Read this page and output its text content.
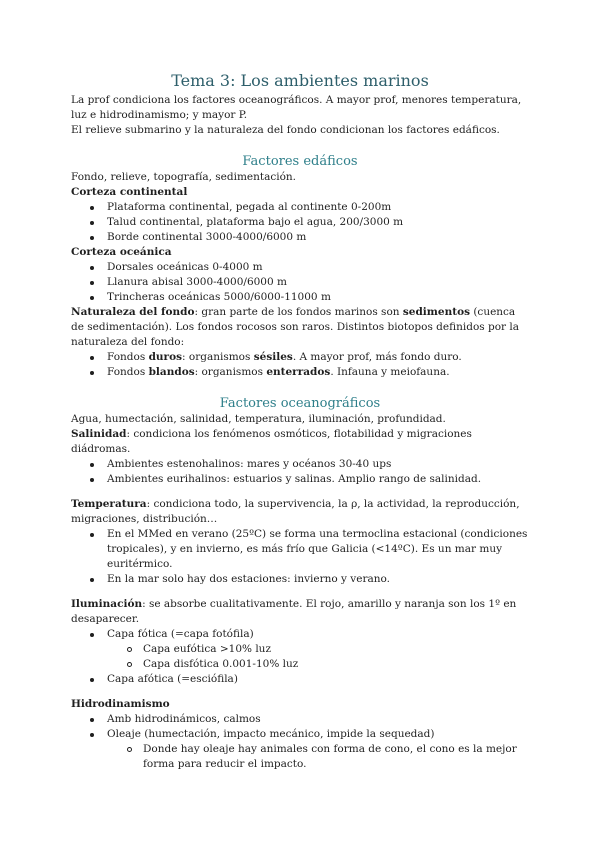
Tema 3: Los ambientes marinos

La prof condiciona los factores oceanográficos. A mayor prof, menores temperatura, luz e hidrodinamismo; y mayor P.

El relieve submarino y la naturaleza del fondo condicionan los factores edáficos.

Factores edáficos

Fondo, relieve, topografía, sedimentación.

Corteza continental

Plataforma continental, pegada al continente 0-200m
Talud continental, plataforma bajo el agua, 200/3000 m
Borde continental 3000-4000/6000 m

Corteza oceánica

Dorsales oceánicas 0-4000 m
Llanura abisal 3000-4000/6000 m
Trincheras oceánicas 5000/6000-11000 m

Naturaleza del fondo: gran parte de los fondos marinos son sedimentos (cuenca de sedimentación). Los fondos rocosos son raros. Distintos biotopos definidos por la naturaleza del fondo:

Fondos duros: organismos sésiles. A mayor prof, más fondo duro.
Fondos blandos: organismos enterrados. Infauna y meiofauna.
Factores oceanográficos

Agua, humectación, salinidad, temperatura, iluminación, profundidad.

Salinidad: condiciona los fenómenos osmóticos, flotabilidad y migraciones diádromas.

Ambientes estenohalinos: mares y océanos 30-40 ups
Ambientes eurihalinos: estuarios y salinas. Amplio rango de salinidad.

Temperatura: condiciona todo, la supervivencia, la ρ, la actividad, la reproducción, migraciones, distribución…

En el MMed en verano (25ºC) se forma una termoclina estacional (condiciones tropicales), y en invierno, es más frío que Galicia (<14ºC). Es un mar muy euritérmico.
En la mar solo hay dos estaciones: invierno y verano.

Iluminación: se absorbe cualitativamente. El rojo, amarillo y naranja son los 1º en desaparecer.

Capa fótica (=capa fotófila)
Capa eufótica >10% luz
Capa disfótica 0.001-10% luz
Capa afótica (=esciófila)

Hidrodinamismo

Amb hidrodinámicos, calmos
Oleaje (humectación, impacto mecánico, impide la sequedad)
Donde hay oleaje hay animales con forma de cono, el cono es la mejor forma para reducir el impacto.
